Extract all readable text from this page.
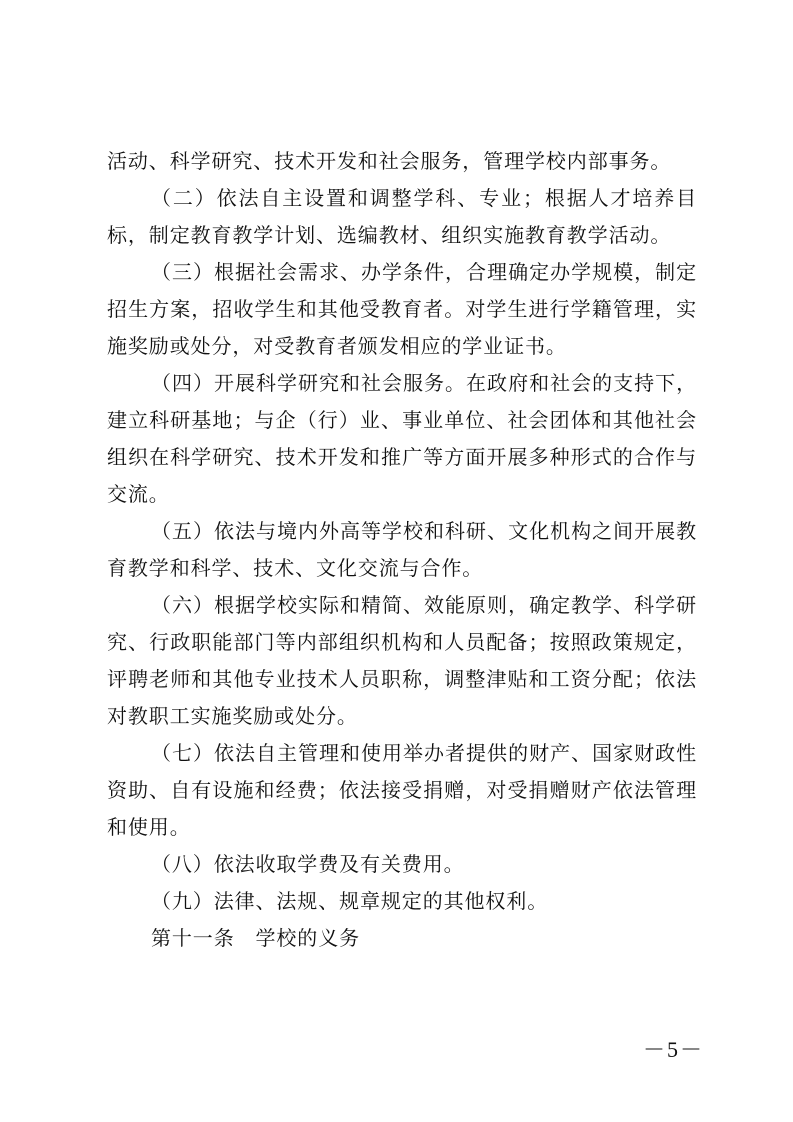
活动、科学研究、技术开发和社会服务，管理学校内部事务。

（二）依法自主设置和调整学科、专业；根据人才培养目标，制定教育教学计划、选编教材、组织实施教育教学活动。

（三）根据社会需求、办学条件，合理确定办学规模，制定招生方案，招收学生和其他受教育者。对学生进行学籍管理，实施奖励或处分，对受教育者颁发相应的学业证书。

（四）开展科学研究和社会服务。在政府和社会的支持下，建立科研基地；与企（行）业、事业单位、社会团体和其他社会组织在科学研究、技术开发和推广等方面开展多种形式的合作与交流。

（五）依法与境内外高等学校和科研、文化机构之间开展教育教学和科学、技术、文化交流与合作。

（六）根据学校实际和精简、效能原则，确定教学、科学研究、行政职能部门等内部组织机构和人员配备；按照政策规定，评聘老师和其他专业技术人员职称，调整津贴和工资分配；依法对教职工实施奖励或处分。

（七）依法自主管理和使用举办者提供的财产、国家财政性资助、自有设施和经费；依法接受捐赠，对受捐赠财产依法管理和使用。

（八）依法收取学费及有关费用。

（九）法律、法规、规章规定的其他权利。

第十一条　学校的义务

－5－
